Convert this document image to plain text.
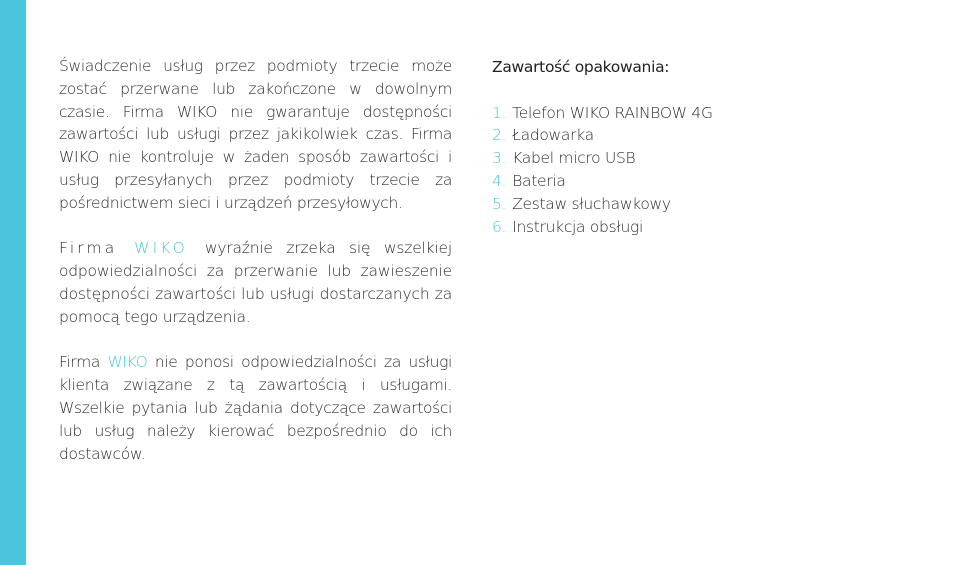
Świadczenie usług przez podmioty trzecie może zostać przerwane lub zakończone w dowolnym czasie. Firma WIKO nie gwarantuje dostępności zawartości lub usługi przez jakikolwiek czas. Firma WIKO nie kontroluje w żaden sposób zawartości i usług przesyłanych przez podmioty trzecie za pośrednictwem sieci i urządzeń przesyłowych.

Firma WIKO wyraźnie zrzeka się wszelkiej odpowiedzialności za przerwanie lub zawieszenie dostępności zawartości lub usługi dostarczanych za pomocą tego urządzenia.

Firma WIKO nie ponosi odpowiedzialności za usługi klienta związane z tą zawartością i usługami. Wszelkie pytania lub żądania dotyczące zawartości lub usług należy kierować bezpośrednio do ich dostawców.

Zawartość opakowania:
1. Telefon WIKO RAINBOW 4G
2. Ładowarka
3. Kabel micro USB
4. Bateria
5. Zestaw słuchawkowy
6. Instrukcja obsługi
